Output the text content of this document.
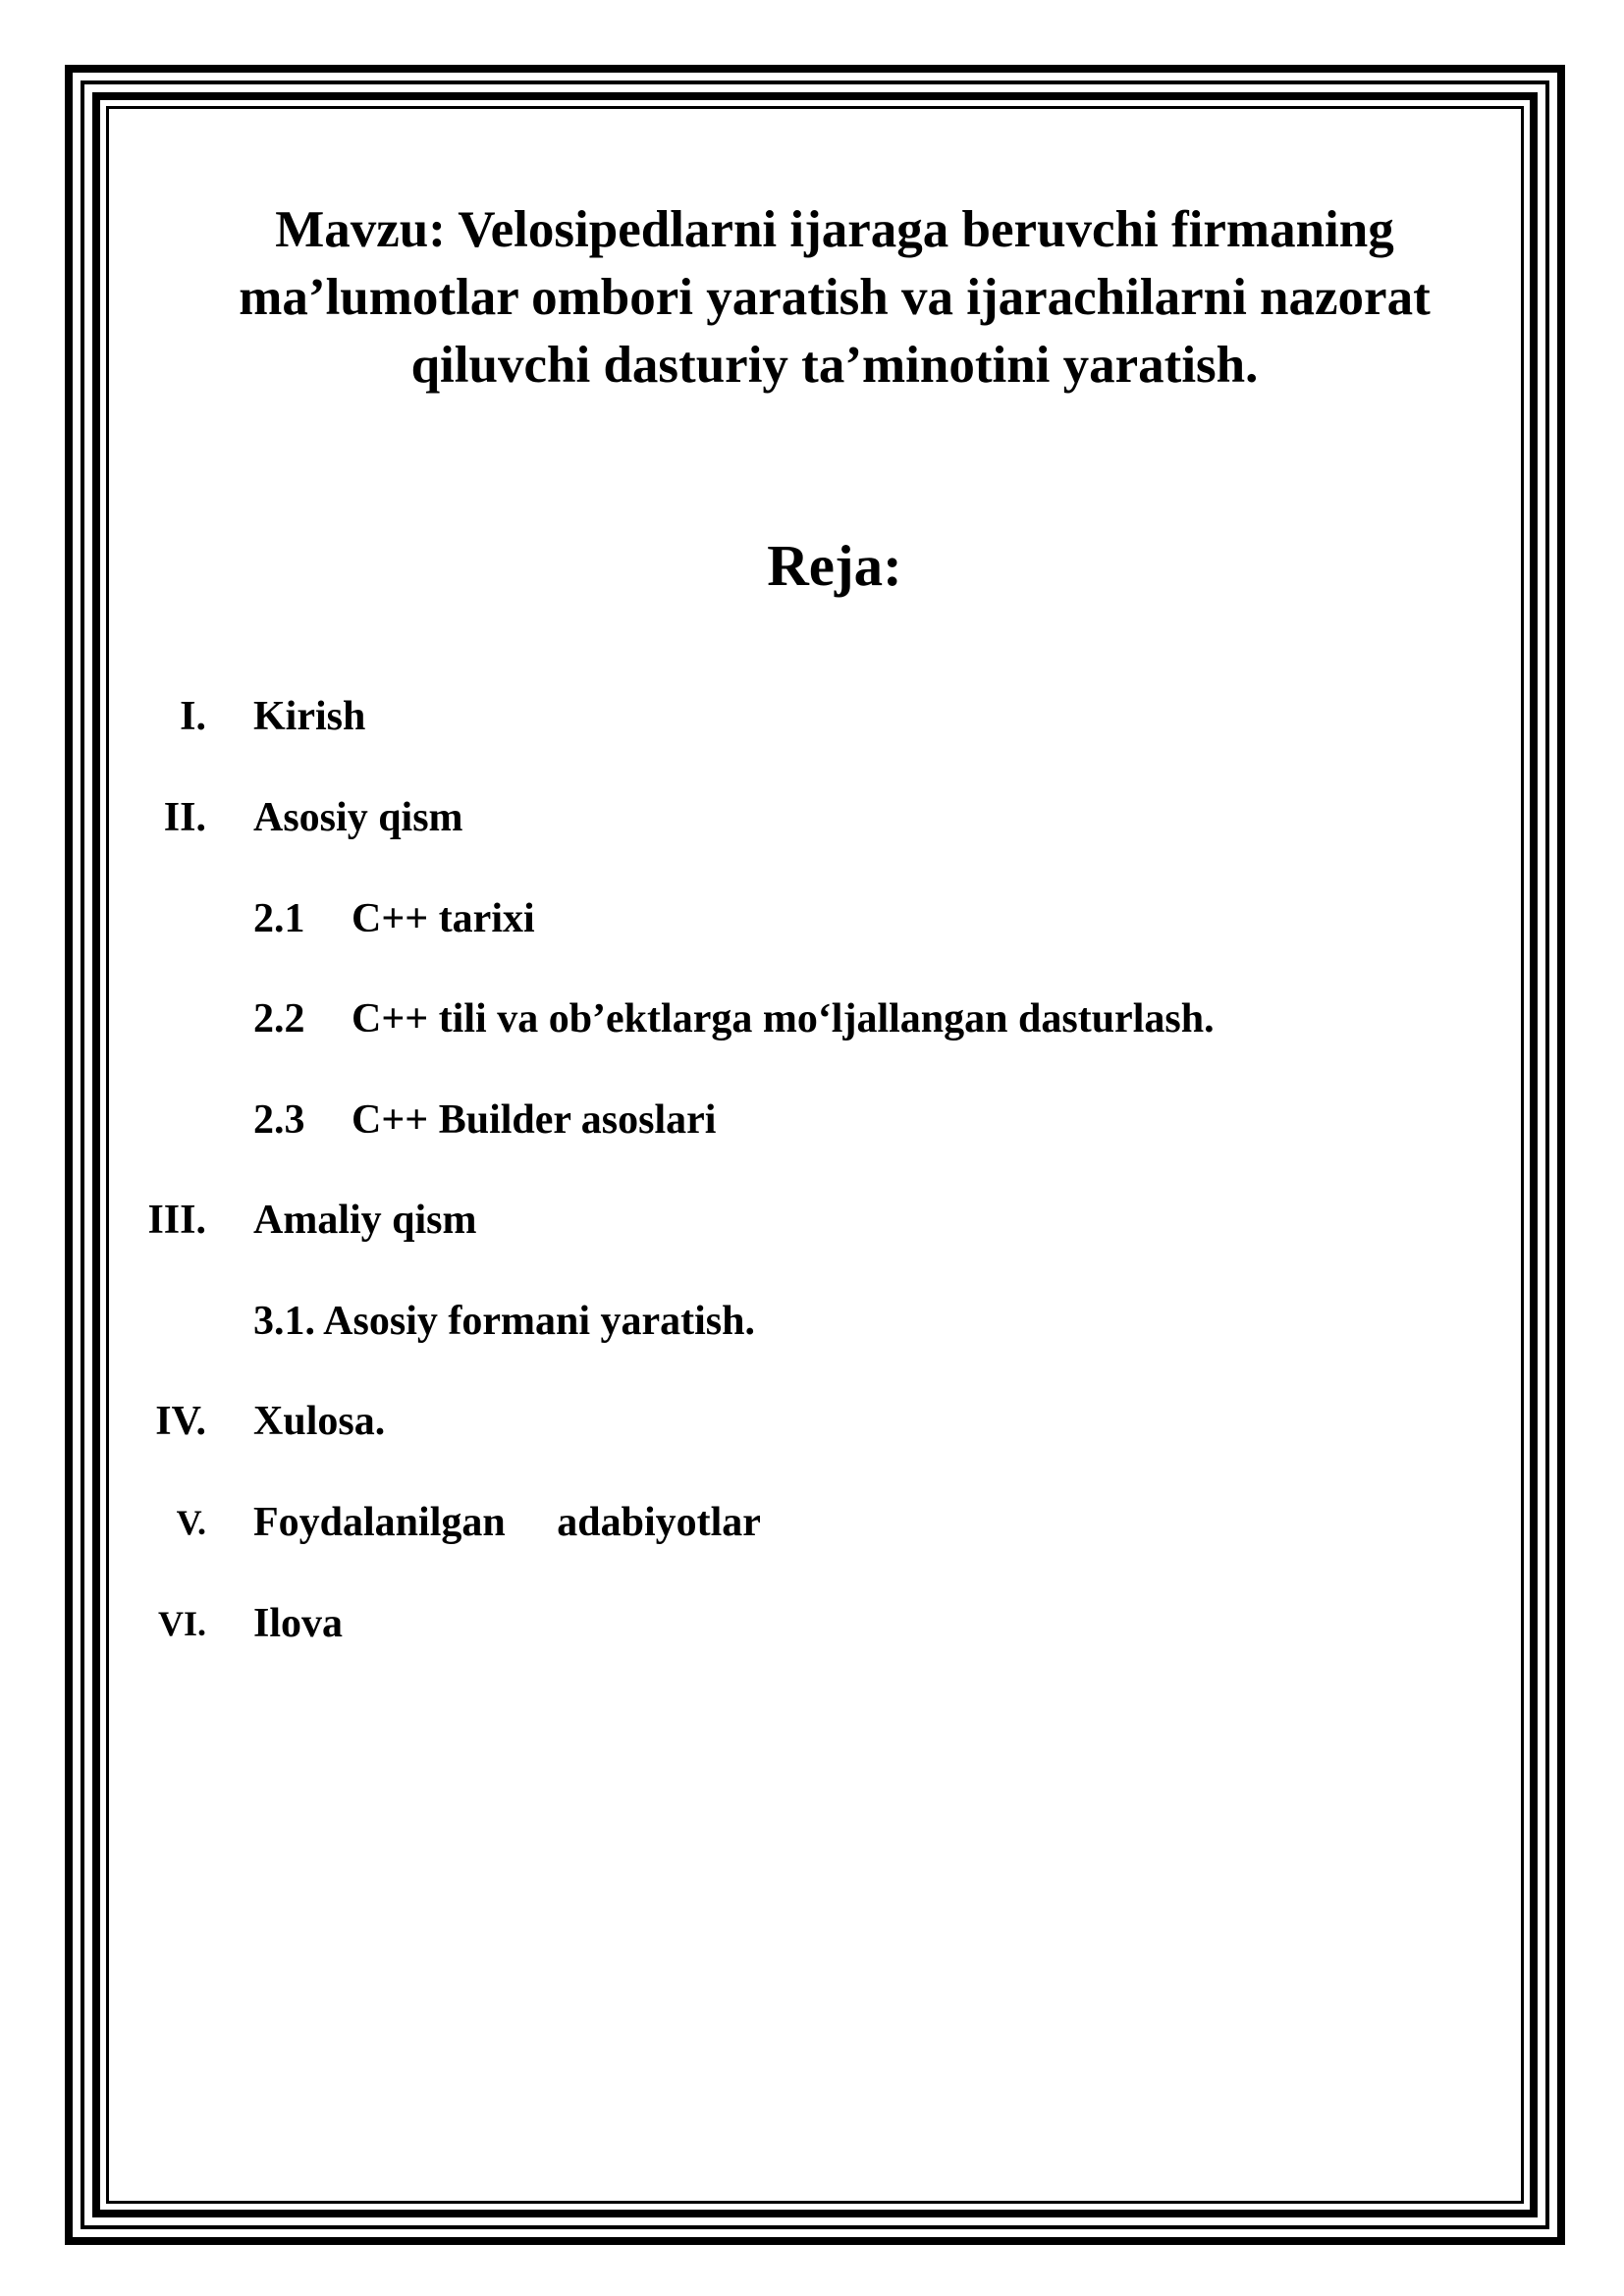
Mavzu: Velosipedlarni ijaraga beruvchi firmaning
ma’lumotlar ombori yaratish va ijarachilarni nazorat
qiluvchi dasturiy ta’minotini yaratish.
Reja:
I. Kirish
II. Asosiy qism
2.1 C++ tarixi
2.2 C++ tili va ob’ektlarga mo‘ljallangan dasturlash.
2.3 C++ Builder asoslari
III. Amaliy qism
3.1. Asosiy formani yaratish.
IV. Xulosa.
V. Foydalanilgan     adabiyotlar
VI. Ilova
